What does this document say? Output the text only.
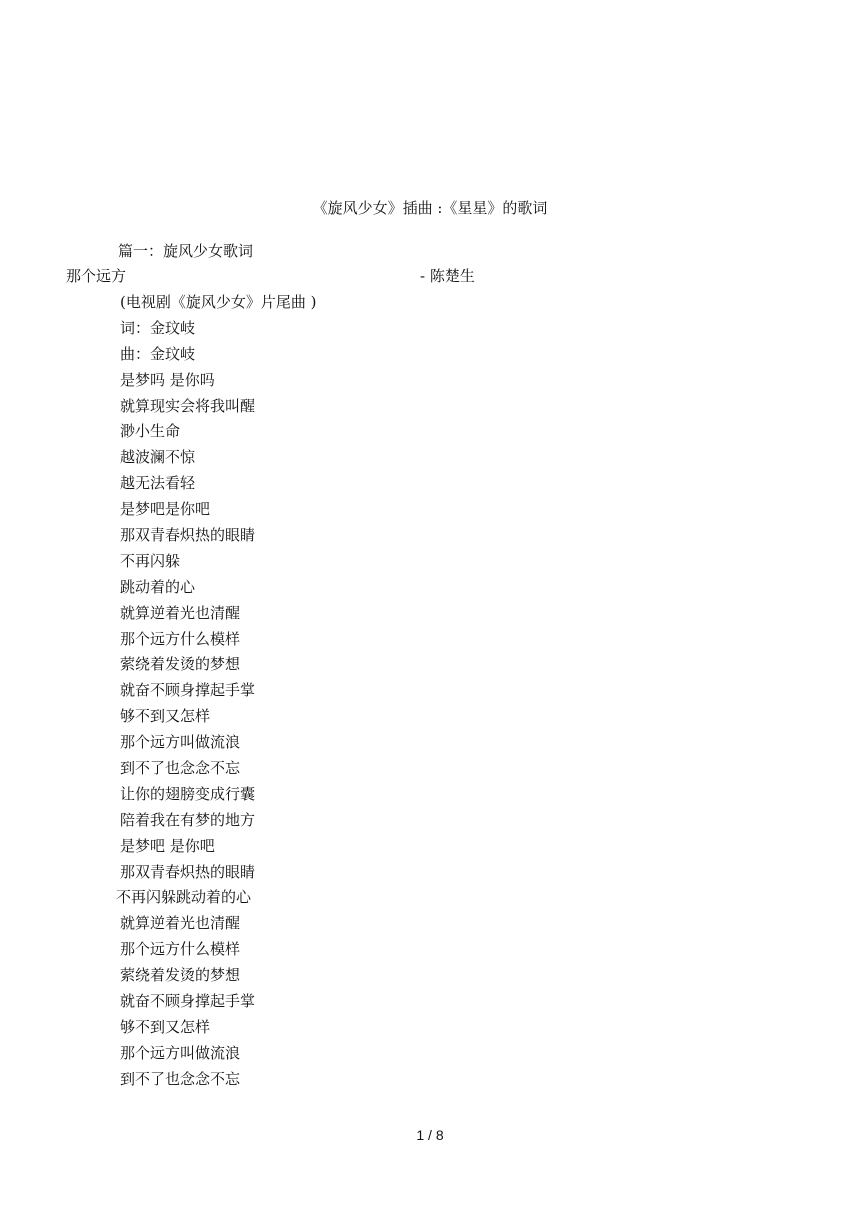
《旋风少女》插曲 :《星星》的歌词
篇一：旋风少女歌词
那个远方	- 陈楚生
(电视剧《旋风少女》片尾曲 )
词：金玟岐
曲：金玟岐
是梦吗 是你吗
就算现实会将我叫醒
渺小生命
越波澜不惊
越无法看轻
是梦吧是你吧
那双青春炽热的眼睛
不再闪躲
跳动着的心
就算逆着光也清醒
那个远方什么模样
萦绕着发烫的梦想
就奋不顾身撑起手掌
够不到又怎样
那个远方叫做流浪
到不了也念念不忘
让你的翅膀变成行囊
陪着我在有梦的地方
是梦吧 是你吧
那双青春炽热的眼睛
不再闪躲跳动着的心
就算逆着光也清醒
那个远方什么模样
萦绕着发烫的梦想
就奋不顾身撑起手掌
够不到又怎样
那个远方叫做流浪
到不了也念念不忘
1 / 8
